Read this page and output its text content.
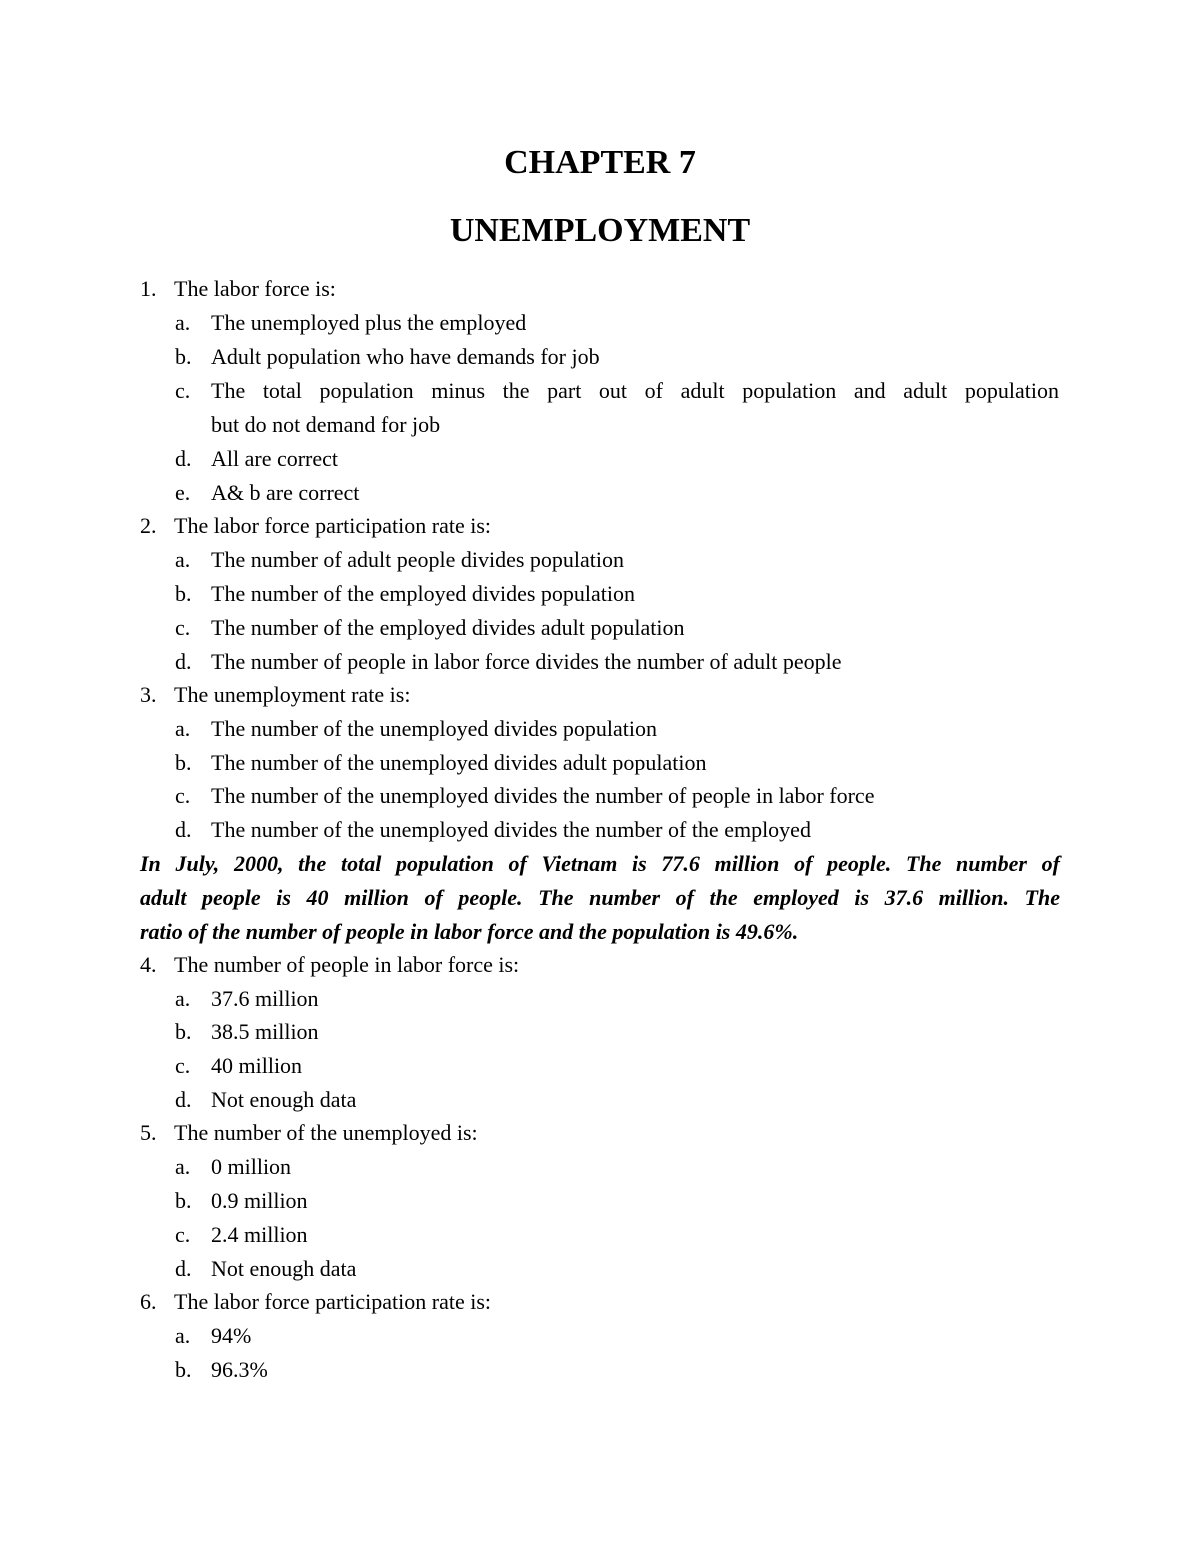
CHAPTER 7
UNEMPLOYMENT
1. The labor force is:
a. The unemployed plus the employed
b. Adult population who have demands for job
c. The total population minus the part out of adult population and adult population
but do not demand for job
d. All are correct
e. A& b are correct
2. The labor force participation rate is:
a. The number of adult people divides population
b. The number of the employed divides population
c. The number of the employed divides adult population
d. The number of people in labor force divides the number of adult people
3. The unemployment rate is:
a. The number of the unemployed divides population
b. The number of the unemployed divides adult population
c. The number of the unemployed divides the number of people in labor force
d. The number of the unemployed divides the number of the employed
In July, 2000, the total population of Vietnam is 77.6 million of people. The number of
adult people is 40 million of people. The number of the employed is 37.6 million. The
ratio of the number of people in labor force and the population is 49.6%.
4. The number of people in labor force is:
a. 37.6 million
b. 38.5 million
c. 40 million
d. Not enough data
5. The number of the unemployed is:
a. 0 million
b. 0.9 million
c. 2.4 million
d. Not enough data
6. The labor force participation rate is:
a. 94%
b. 96.3%
